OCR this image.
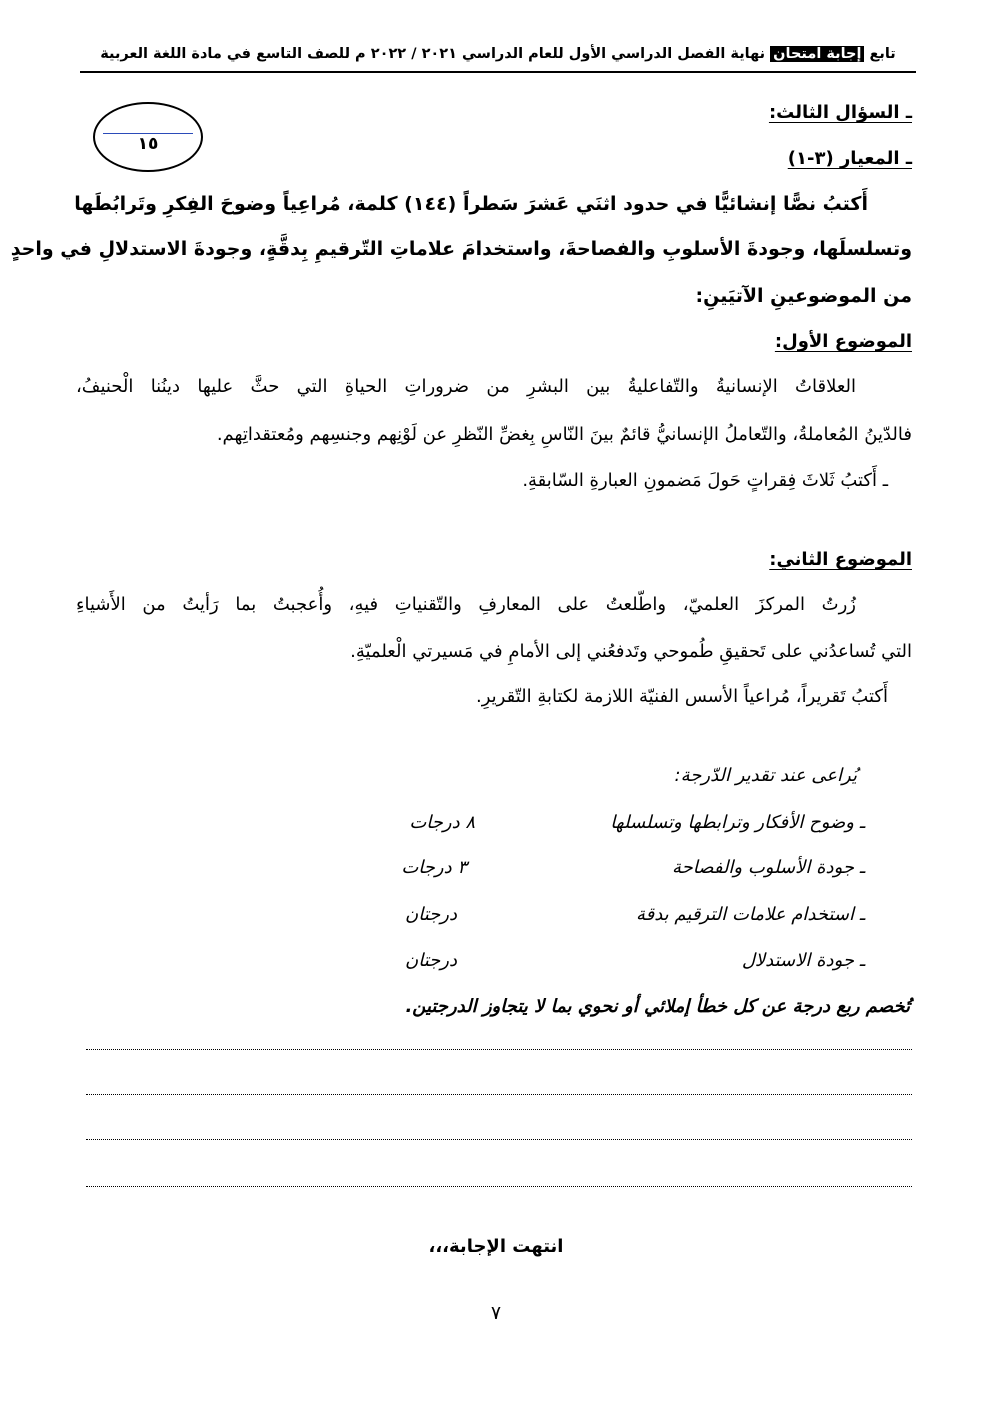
تابع إجابة امتحان نهاية الفصل الدراسي الأول للعام الدراسي ٢٠٢١ / ٢٠٢٢ م للصف التاسع في مادة اللغة العربية
١٥
ـ السؤال الثالث:
ـ المعيار (٣-١)
أَكتبُ نصًّا إنشائيًّا في حدود اثنَي عَشرَ سَطراً (١٤٤) كلمة، مُراعِياً وضوحَ الفِكرِ وتَرابُطَها
وتسلسلَها، وجودةَ الأسلوبِ والفصاحةَ، واستخدامَ علاماتِ التّرقيمِ بِدقَّةٍ، وجودةَ الاستدلالِ في واحدٍ
من الموضوعينِ الآتيَينِ:
الموضوع الأول:
العلاقاتُ الإنسانيةُ والتّفاعليةُ بين البشرِ من ضروراتِ الحياةِ التي حثَّ عليها دينُنا الْحنيفُ،
فالدّينُ المُعاملةُ، والتّعاملُ الإنسانيُّ قائمٌ بينَ النّاسِ بِغضِّ النّظرِ عن لَوْنِهم وجنسِهم ومُعتقداتِهم.
ـ أَكتبُ ثَلاثَ فِقراتٍ حَولَ مَضمونِ العبارةِ السّابقةِ.
الموضوع الثاني:
زُرتُ المركزَ العلميّ، واطّلعتُ على المعارفِ والتّقنياتِ فيهِ، وأُعجبتُ بما رَأيتُ من الأَشياءِ
التي تُساعدُني على تَحقيقِ طُموحي وتَدفعُني إلى الأمامِ في مَسيرتي الْعلميّةِ.
أَكتبُ تَقريراً، مُراعياً الأسس الفنيّة اللازمة لكتابةِ التّقريرِ.
يُراعى عند تقدير الدّرجة:
ـ وضوح الأفكار وترابطها وتسلسلها
٨ درجات
ـ جودة الأسلوب والفصاحة
٣ درجات
ـ استخدام علامات الترقيم بدقة
درجتان
ـ جودة الاستدلال
درجتان
تُخصم ربع درجة عن كل خطأ إملائي أو نحوي بما لا يتجاوز الدرجتين.
انتهت الإجابة،،،
٧
